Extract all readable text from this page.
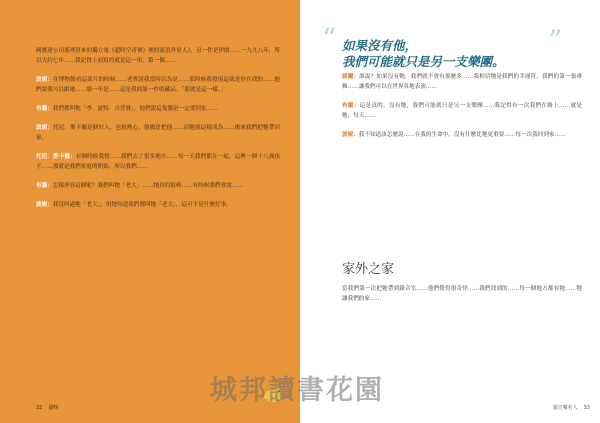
國寶達公司那裡買來的獨立電《超時空奇俠》裡的流浪外星人》，另一件是伊朗……一九九八年，所以大約七年……我記得上面寫的就是這一串。第一個……

波妮：在博物館看這部片的時候……老實說我當時以為是……那時候我發現這就是你在找的……他們說我可以跟她……那一年是……這是我的第一件收藏品。「那就是這一樣。」

有貓：我們都叫牠「李．波特．吉普賽」，他們說這隻貓是一定要回家……

波妮：托尼．麥卡羅是個好人，也很熱心，他願意把他……而牠就這樣成為……後來我們把牠帶回家。

托尼．麥卡羅：有個時候我想……我們去了很多地方……每一天我們都在一起，這裡一個十八歲孩子……那就是我們家庭的開始，所以我們……

有貓：怎樣形容這個呢？我們叫牠「老大」……牠真的很棒……有時候我們會說……

波妮：我沒叫過牠「老大」，但牠知道我們都叫牠「老大」，這可不是什麼好事。

32 貓咪
“	”
如果沒有他，
我們可能就只是另一支樂團。

諾爾：誰說？如果沒有牠，我們就不會有那麼多……我相信牠是我們的幸運符，我們的第一張專輯……讓我們可以在世界各地表演……

有貓：這是真的。沒有牠，我們可能就只是另一支樂團……我記得有一次我們在路上……就是牠，每天……

波妮：我不知道該怎麼說……在我的生命中，沒有什麼比牠更重要……每一次我回到家……

家外之家

當我們第一次把牠帶到錄音室……他們覺得很奇怪……我們找到的……每一個地方都有牠……牠讓我們的家……

城邦讀書花園
貓音樂名人 33
